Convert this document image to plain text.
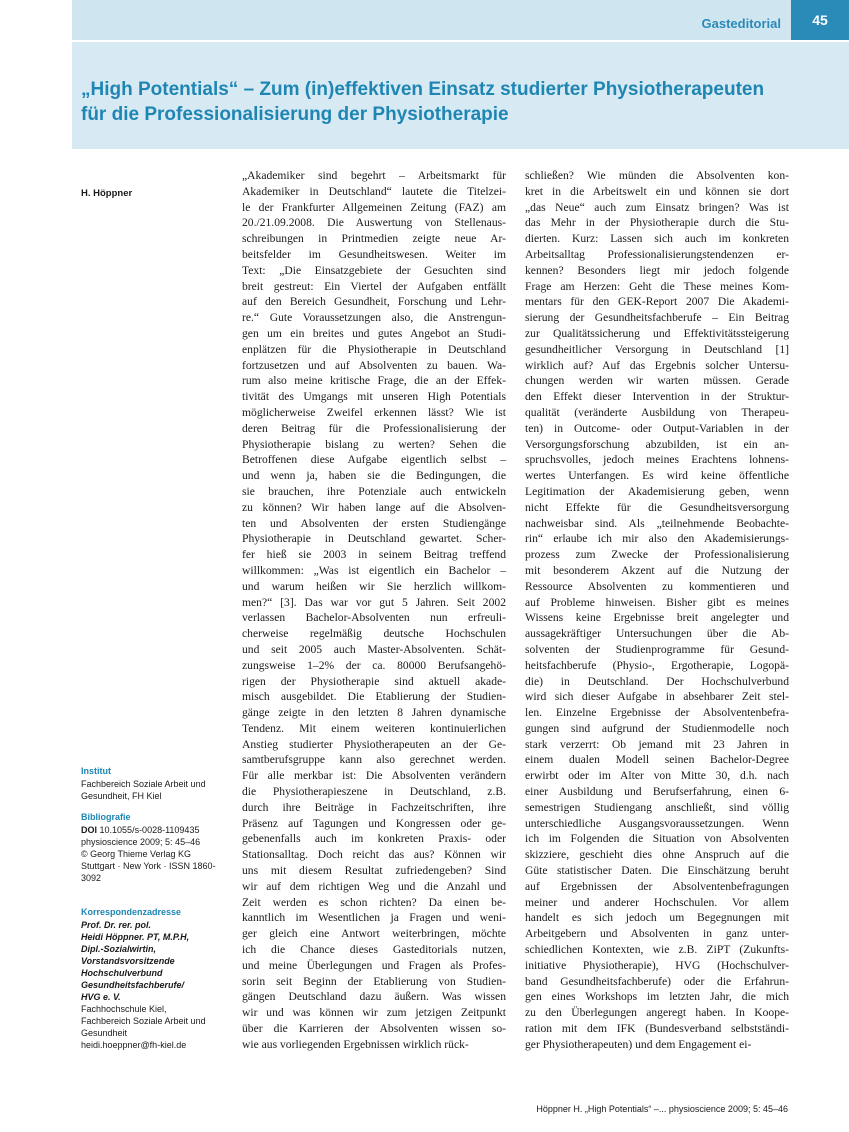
Gasteditorial	45
„High Potentials“ – Zum (in)effektiven Einsatz studierter Physiotherapeuten
für die Professionalisierung der Physiotherapie
H. Höppner
Institut
Fachbereich Soziale Arbeit und
Gesundheit, FH Kiel
Bibliografie
DOI 10.1055/s-0028-1109435
physioscience 2009; 5: 45–46
© Georg Thieme Verlag KG
Stuttgart · New York · ISSN 1860-
3092
Korrespondenzadresse
Prof. Dr. rer. pol.
Heidi Höppner. PT, M.P.H,
Dipl.-Sozialwirtin,
Vorstandsvorsitzende
Hochschulverbund
Gesundheitsfachberufe/
HVG e. V.
Fachhochschule Kiel,
Fachbereich Soziale Arbeit und
Gesundheit
heidi.hoeppner@fh-kiel.de
„Akademiker sind begehrt – Arbeitsmarkt für
Akademiker in Deutschland“ lautete die Titelzei-
le der Frankfurter Allgemeinen Zeitung (FAZ) am
20./21.09.2008. Die Auswertung von Stellenaus-
schreibungen in Printmedien zeigte neue Ar-
beitsfelder im Gesundheitswesen. Weiter im
Text: „Die Einsatzgebiete der Gesuchten sind
breit gestreut: Ein Viertel der Aufgaben entfällt
auf den Bereich Gesundheit, Forschung und Lehr-
re.“ Gute Voraussetzungen also, die Anstrengun-
gen um ein breites und gutes Angebot an Studi-
enplätzen für die Physiotherapie in Deutschland
fortzusetzen und auf Absolventen zu bauen. Wa-
rum also meine kritische Frage, die an der Effek-
tivität des Umgangs mit unseren High Potentials
möglicherweise Zweifel erkennen lässt? Wie ist
deren Beitrag für die Professionalisierung der
Physiotherapie bislang zu werten? Sehen die
Betroffenen diese Aufgabe eigentlich selbst –
und wenn ja, haben sie die Bedingungen, die
sie brauchen, ihre Potenziale auch entwickeln
zu können? Wir haben lange auf die Absolven-
ten und Absolventen der ersten Studiengänge
Physiotherapie in Deutschland gewartet. Scher-
fer hieß sie 2003 in seinem Beitrag treffend
willkommen: „Was ist eigentlich ein Bachelor –
und warum heißen wir Sie herzlich willkom-
men?“ [3]. Das war vor gut 5 Jahren. Seit 2002
verlassen Bachelor-Absolventen nun erfreuli-
cherweise regelmäßig deutsche Hochschulen
und seit 2005 auch Master-Absolventen. Schät-
zungsweise 1–2% der ca. 80000 Berufsangehö-
rigen der Physiotherapie sind aktuell akade-
misch ausgebildet. Die Etablierung der Studien-
gänge zeigte in den letzten 8 Jahren dynamische
Tendenz. Mit einem weiteren kontinuierlichen
Anstieg studierter Physiotherapeuten an der Ge-
samtberufsgruppe kann also gerechnet werden.
Für alle merkbar ist: Die Absolventen verändern
die Physiotherapieszene in Deutschland, z.B.
durch ihre Beiträge in Fachzeitschriften, ihre
Präsenz auf Tagungen und Kongressen oder ge-
gebenenfalls auch im konkreten Praxis- oder
Stationsalltag. Doch reicht das aus? Können wir
uns mit diesem Resultat zufriedengeben? Sind
wir auf dem richtigen Weg und die Anzahl und
Zeit werden es schon richten? Da einen be-
kanntlich im Wesentlichen ja Fragen und weni-
ger gleich eine Antwort weiterbringen, möchte
ich die Chance dieses Gasteditorials nutzen,
und meine Überlegungen und Fragen als Profes-
sorin seit Beginn der Etablierung von Studien-
gängen Deutschland dazu äußern. Was wissen
wir und was können wir zum jetzigen Zeitpunkt
über die Karrieren der Absolventen wissen so-
wie aus vorliegenden Ergebnissen wirklich rück-
schließen? Wie münden die Absolventen kon-
kret in die Arbeitswelt ein und können sie dort
„das Neue“ auch zum Einsatz bringen? Was ist
das Mehr in der Physiotherapie durch die Stu-
dierten. Kurz: Lassen sich auch im konkreten
Arbeitsalltag Professionalisierungstendenzen er-
kennen? Besonders liegt mir jedoch folgende
Frage am Herzen: Geht die These meines Kom-
mentars für den GEK-Report 2007 Die Akademi-
sierung der Gesundheitsfachberufe – Ein Beitrag
zur Qualitätssicherung und Effektivitätssteigerung
gesundheitlicher Versorgung in Deutschland [1]
wirklich auf? Auf das Ergebnis solcher Untersu-
chungen werden wir warten müssen. Gerade
den Effekt dieser Intervention in der Struktur-
qualität (veränderte Ausbildung von Therapeu-
ten) in Outcome- oder Output-Variablen in der
Versorgungsforschung abzubilden, ist ein an-
spruchsvolles, jedoch meines Erachtens lohnens-
wertes Unterfangen. Es wird keine öffentliche
Legitimation der Akademisierung geben, wenn
nicht Effekte für die Gesundheitsversorgung
nachweisbar sind. Als „teilnehmende Beobachte-
rin“ erlaube ich mir also den Akademisierungs-
prozess zum Zwecke der Professionalisierung
mit besonderem Akzent auf die Nutzung der
Ressource Absolventen zu kommentieren und
auf Probleme hinweisen. Bisher gibt es meines
Wissens keine Ergebnisse breit angelegter und
aussagekräftiger Untersuchungen über die Ab-
solventen der Studienprogramme für Gesund-
heitsfachberufe (Physio-, Ergotherapie, Logopä-
die) in Deutschland. Der Hochschulverbund
wird sich dieser Aufgabe in absehbarer Zeit stel-
len. Einzelne Ergebnisse der Absolventenbefra-
gungen sind aufgrund der Studienmodelle noch
stark verzerrt: Ob jemand mit 23 Jahren in
einem dualen Modell seinen Bachelor-Degree
erwirbt oder im Alter von Mitte 30, d.h. nach
einer Ausbildung und Berufserfahrung, einen 6-
semestrigen Studiengang anschließt, sind völlig
unterschiedliche Ausgangsvoraussetzungen. Wenn
ich im Folgenden die Situation von Absolventen
skizziere, geschieht dies ohne Anspruch auf die
Güte statistischer Daten. Die Einschätzung beruht
auf Ergebnissen der Absolventenbefragungen
meiner und anderer Hochschulen. Vor allem
handelt es sich jedoch um Begegnungen mit
Arbeitgebern und Absolventen in ganz unter-
schiedlichen Kontexten, wie z.B. ZiPT (Zukunfts-
initiative Physiotherapie), HVG (Hochschulver-
band Gesundheitsfachberufe) oder die Erfahrun-
gen eines Workshops im letzten Jahr, die mich
zu den Überlegungen angeregt haben. In Koope-
ration mit dem IFK (Bundesverband selbstständi-
ger Physiotherapeuten) und dem Engagement ei-
Höppner H. „High Potentials“ –... physioscience 2009; 5: 45–46
